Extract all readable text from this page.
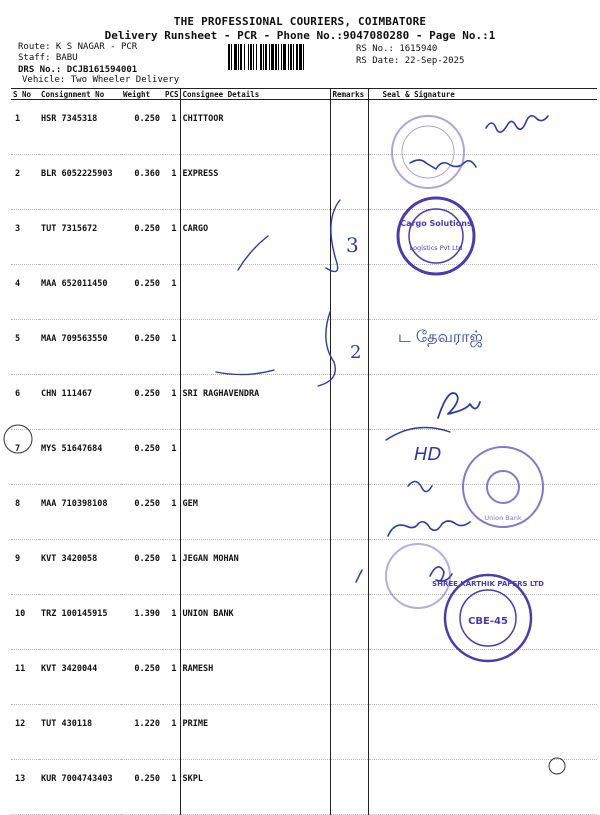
THE PROFESSIONAL COURIERS, COIMBATORE
Delivery Runsheet - PCR - Phone No.:9047080280 - Page No.:1
Route: K S NAGAR - PCR
Staff: BABU
DRS No.: DCJB161594001
Vehicle: Two Wheeler Delivery
RS No.: 1615940
RS Date: 22-Sep-2025
S No	Consignment No	Weight	PCS	Consignee Details	Remarks	Seal & Signature
1	HSR 7345318	0.250	1	CHITTOOR		
2	BLR 6052225903	0.360	1	EXPRESS		
3	TUT 7315672	0.250	1	CARGO		
4	MAA 652011450	0.250	1			
5	MAA 709563550	0.250	1			
6	CHN 111467	0.250	1	SRI RAGHAVENDRA		
7	MYS 51647684	0.250	1			
8	MAA 710398108	0.250	1	GEM		
9	KVT 3420058	0.250	1	JEGAN MOHAN		
10	TRZ 100145915	1.390	1	UNION BANK		
11	KVT 3420044	0.250	1	RAMESH		
12	TUT 430118	1.220	1	PRIME		
13	KUR 7004743403	0.250	1	SKPL		
3
2
ட தேவராஜ்
HD
Cargo Solutions
Logistics Pvt Ltd
Union Bank
SHREE KARTHIK PAPERS LTD
CBE-45
